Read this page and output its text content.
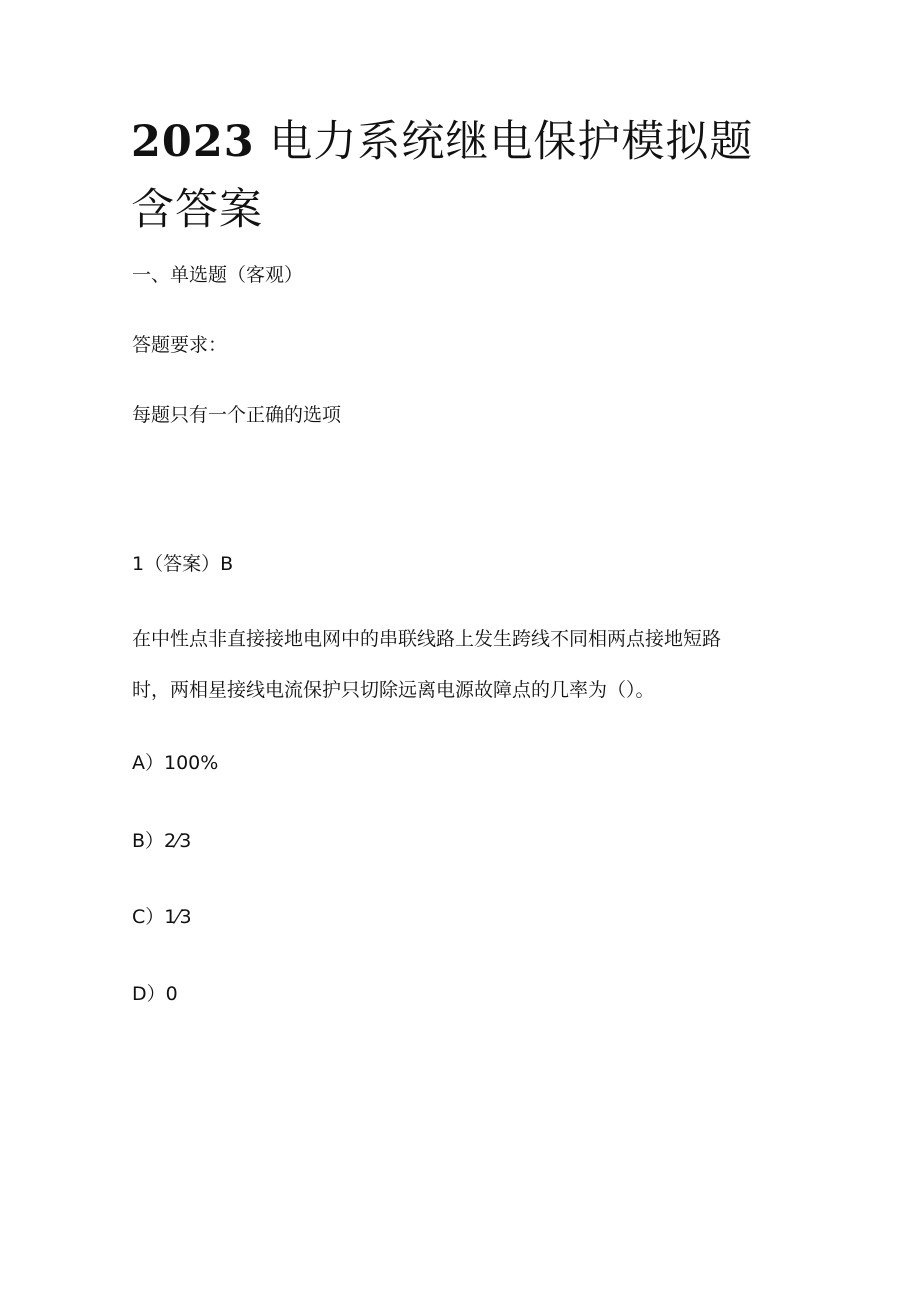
2023 电力系统继电保护模拟题含答案

一、单选题（客观）

答题要求：

每题只有一个正确的选项

1（答案）B

在中性点非直接接地电网中的串联线路上发生跨线不同相两点接地短路

时，两相星接线电流保护只切除远离电源故障点的几率为（）。

A）100%

B）2⁄3

C）1⁄3

D）0
